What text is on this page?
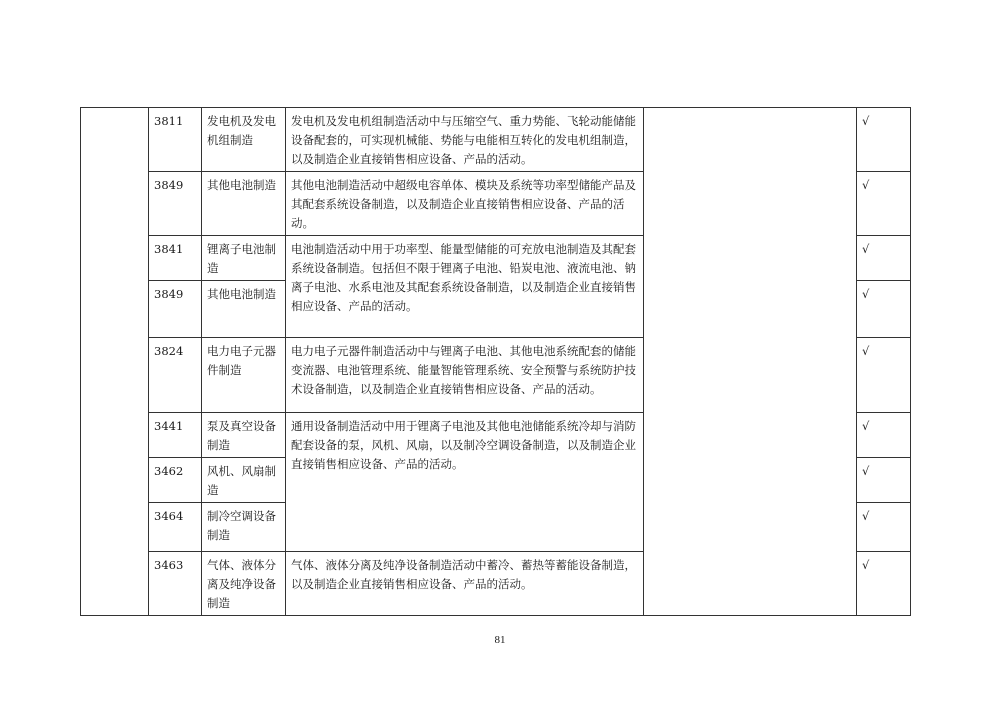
	3811	发电机及发电机组制造	发电机及发电机组制造活动中与压缩空气、重力势能、飞轮动能储能设备配套的，可实现机械能、势能与电能相互转化的发电机组制造，以及制造企业直接销售相应设备、产品的活动。		√
	3849	其他电池制造	其他电池制造活动中超级电容单体、模块及系统等功率型储能产品及其配套系统设备制造，以及制造企业直接销售相应设备、产品的活动。		√
	3841	锂离子电池制造	电池制造活动中用于功率型、能量型储能的可充放电池制造及其配套系统设备制造。包括但不限于锂离子电池、铅炭电池、液流电池、钠离子电池、水系电池及其配套系统设备制造，以及制造企业直接销售相应设备、产品的活动。		√
	3849	其他电池制造			√
	3824	电力电子元器件制造	电力电子元器件制造活动中与锂离子电池、其他电池系统配套的储能变流器、电池管理系统、能量智能管理系统、安全预警与系统防护技术设备制造，以及制造企业直接销售相应设备、产品的活动。		√
	3441	泵及真空设备制造	通用设备制造活动中用于锂离子电池及其他电池储能系统冷却与消防配套设备的泵，风机、风扇，以及制冷空调设备制造，以及制造企业直接销售相应设备、产品的活动。		√
	3462	风机、风扇制造			√
	3464	制冷空调设备制造			√
	3463	气体、液体分离及纯净设备制造	气体、液体分离及纯净设备制造活动中蓄冷、蓄热等蓄能设备制造，以及制造企业直接销售相应设备、产品的活动。		√
81
